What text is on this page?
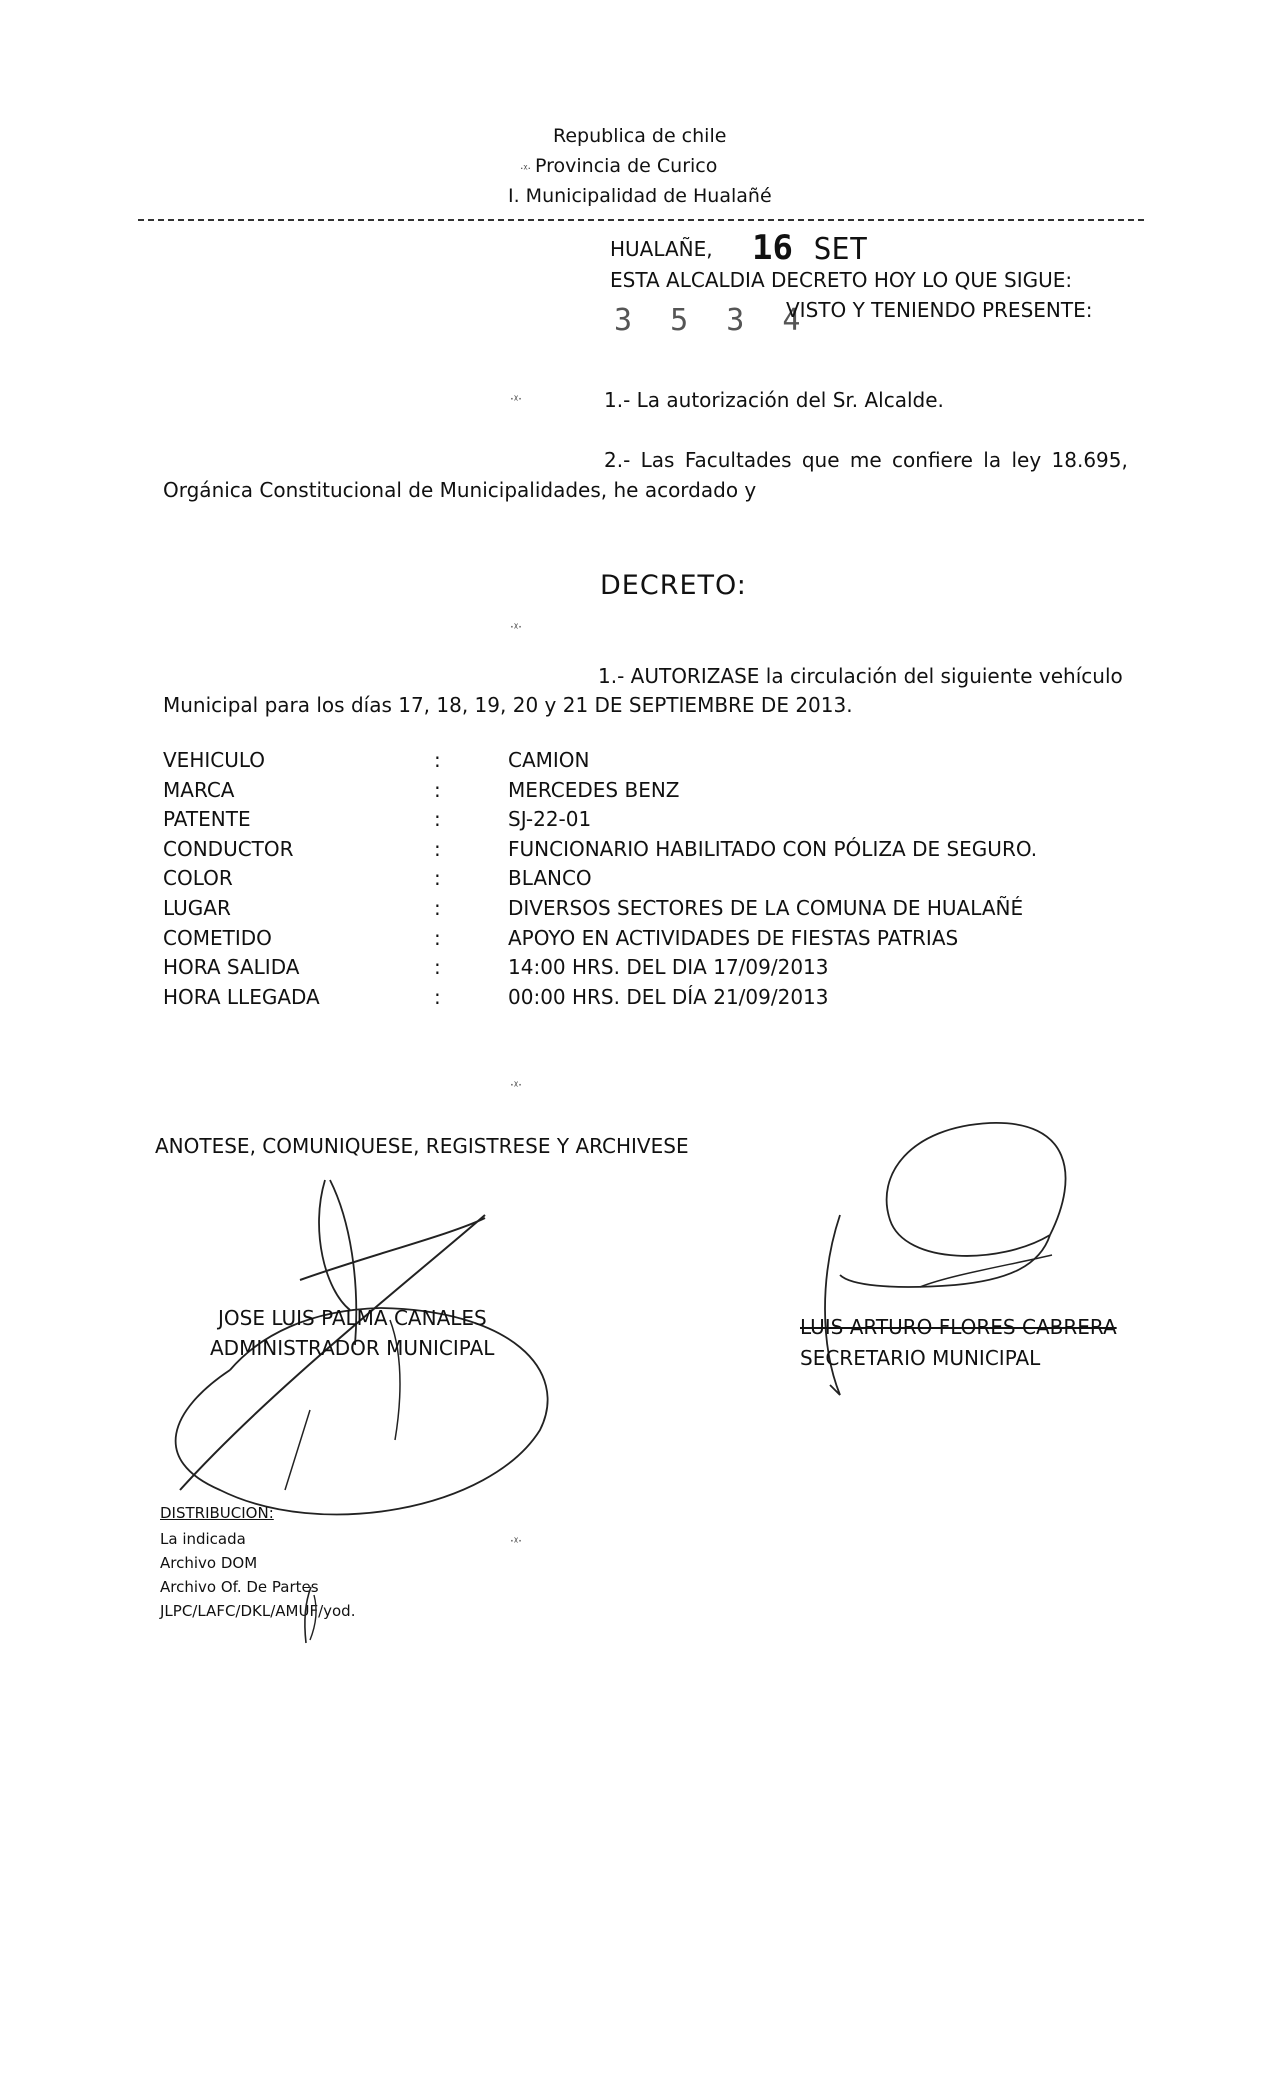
Republica de chile
·ᵡ· Provincia de Curico
I. Municipalidad de Hualañé
HUALAÑE, 16 SET
ESTA ALCALDIA DECRETO HOY LO QUE SIGUE:
3 5 3 4
VISTO Y TENIENDO PRESENTE:
·ᵡ·	1.- La autorización del Sr. Alcalde.
2.- Las Facultades que me confiere la ley 18.695,
Orgánica Constitucional de Municipalidades, he acordado y
DECRETO:
·ᵡ·
1.- AUTORIZASE la circulación del siguiente vehículo
Municipal para los días 17, 18, 19, 20 y 21 DE SEPTIEMBRE DE 2013.
VEHICULO	:	CAMION
MARCA	:	MERCEDES BENZ
PATENTE	:	SJ-22-01
CONDUCTOR	:	FUNCIONARIO HABILITADO CON PÓLIZA DE SEGURO.
COLOR	:	BLANCO
LUGAR	:	DIVERSOS SECTORES DE LA COMUNA DE HUALAÑÉ
COMETIDO	:	APOYO EN ACTIVIDADES DE FIESTAS PATRIAS
HORA SALIDA	:	14:00 HRS. DEL DIA 17/09/2013
HORA LLEGADA	:	00:00 HRS. DEL DÍA 21/09/2013
·ᵡ·
ANOTESE, COMUNIQUESE, REGISTRESE Y ARCHIVESE
JOSE LUIS PALMA CANALES
ADMINISTRADOR MUNICIPAL
LUIS ARTURO FLORES CABRERA
SECRETARIO MUNICIPAL
DISTRIBUCION:
·ᵡ·
La indicada
Archivo DOM
Archivo Of. De Partes
JLPC/LAFC/DKL/AMUF/yod.
